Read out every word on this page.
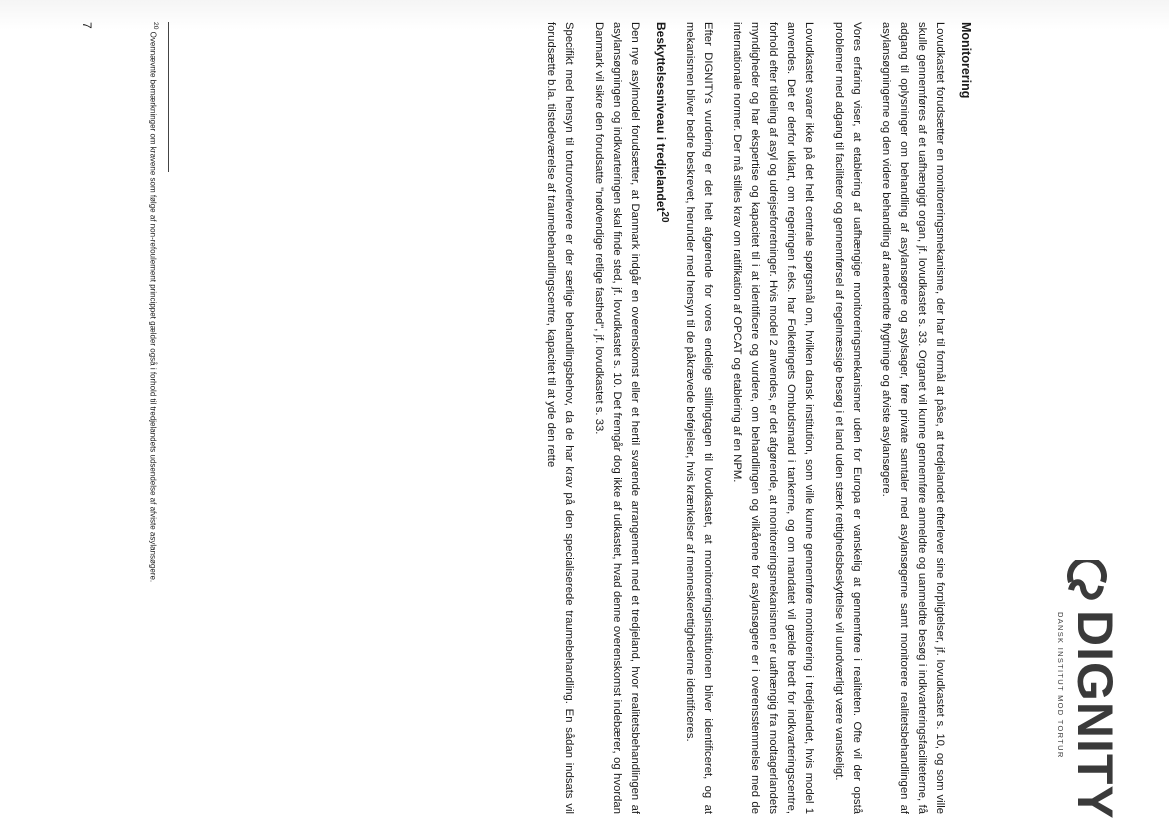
DIGNITY
DANSK INSTITUT MOD TORTUR
Monitorering

Lovudkastet forudsætter en monitoreringsmekanisme, der har til formål at påse, at tredjelandet efterlever sine forpligtelser, jf. lovudkastet s. 10, og som ville skulle gennemføres af et uafhængigt organ, jf. lovudkastet s. 33. Organet vil kunne gennemføre anmeldte og uanmeldte besøg i indkvarteringsfaciliteterne, få adgang til oplysninger om behandling af asylansøgere og asylsager, føre private samtaler med asylansøgerne samt monitorere realitetsbehandlingen af asylansøgningerne og den videre behandling af anerkendte flygtninge og afviste asylansøgere.

Vores erfaring viser, at etablering af uafhængige monitoreringsmekanismer uden for Europa er vanskelig at gennemføre i realiteten. Ofte vil der opstå problemer med adgang til faciliteter og gennemførsel af regelmæssige besøg i et land uden stærk rettighedsbeskyttelse vil uundværligt være vanskeligt.

Lovudkastet svarer ikke på det helt centrale spørgsmål om, hvilken dansk institution, som ville kunne gennemføre monitorering i tredjelandet, hvis model 1 anvendes. Det er derfor uklart, om regeringen f.eks. har Folketingets Ombudsmand i tankerne, og om mandatet vil gælde bredt for indkvarteringscentre, forhold efter tildeling af asyl og udrejseforretninger. Hvis model 2 anvendes, er det afgørende, at monitoreringsmekanismen er uafhængig fra modtagerlandets myndigheder og har ekspertise og kapacitet til i at identificere og vurdere, om behandlingen og vilkårene for asylansøgere er i overensstemmelse med de internationale normer. Der må stilles krav om ratifikation af OPCAT og etablering af en NPM.

Efter DIGNITYs vurdering er det helt afgørende for vores endelige stillingtagen til lovudkastet, at monitoreringsinstitutionen bliver identificeret, og at mekanismen bliver bedre beskrevet, herunder med hensyn til de påkrævede beføjelser, hvis krænkelser af menneskerettighederne identificeres.

Beskyttelsesniveau i tredjelandet$^{20}$

Den nye asylmodel forudsætter, at Danmark indgår en overenskomst eller et hertil svarende arrangement med et tredjeland, hvor realitetsbehandlingen af asylansøgningen og indkvarteringen skal finde sted, jf. lovudkastet s. 10. Det fremgår dog ikke af udkastet, hvad denne overenskomst indebærer, og hvordan Danmark vil sikre den forudsatte "nødvendige retlige fasthed", jf. lovudkastet s. 33.

Specifikt med hensyn til torturoverlevere er der særlige behandlingsbehov, da de har krav på den specialiserede traumebehandling. En sådan indsats vil forudsætte b.la. tilstedeværelse af traumebehandlingscentre, kapacitet til at yde den rette

$^{20}$ Ovennævnte bemærkninger om kravene som følge af non-refoulement princippet gælder også i forhold til tredjelandets udsendelse af afviste asylansøgere.
7
